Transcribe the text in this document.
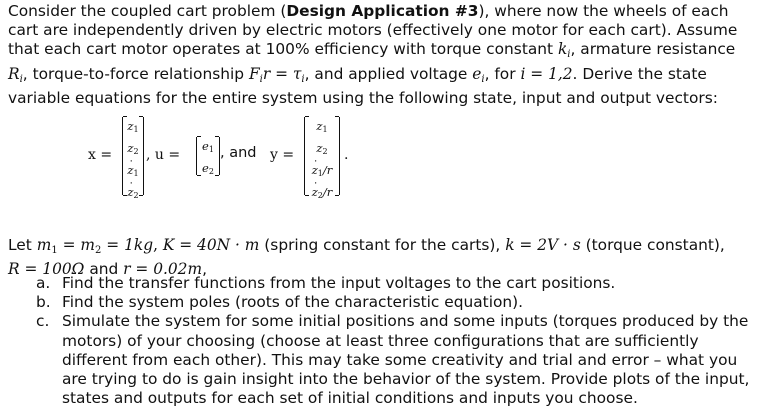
Consider the coupled cart problem (Design Application #3), where now the wheels of each
cart are independently driven by electric motors (effectively one motor for each cart). Assume
that each cart motor operates at 100% efficiency with torque constant $k_i$, armature resistance
$R_i$, torque-to-force relationship $F_ir = \tau_i$, and applied voltage $e_i$, for i = 1,2. Derive the state
variable equations for the entire system using the following state, input and output vectors:
x =
z1
z2
˙ z1
˙ z2
, u =
e1
e2
, and y =
z1
z2
˙ z1/r
˙ z2/r
.
Let $m_1 = m_2 = 1kg$, K = 40N · m (spring constant for the carts), k = 2V · s (torque constant),
R = 100Ω and r = 0.02m,
a. Find the transfer functions from the input voltages to the cart positions.
b. Find the system poles (roots of the characteristic equation).
c. Simulate the system for some initial positions and some inputs (torques produced by the motors) of your choosing (choose at least three configurations that are sufficiently different from each other). This may take some creativity and trial and error – what you are trying to do is gain insight into the behavior of the system. Provide plots of the input, states and outputs for each set of initial conditions and inputs you choose.
